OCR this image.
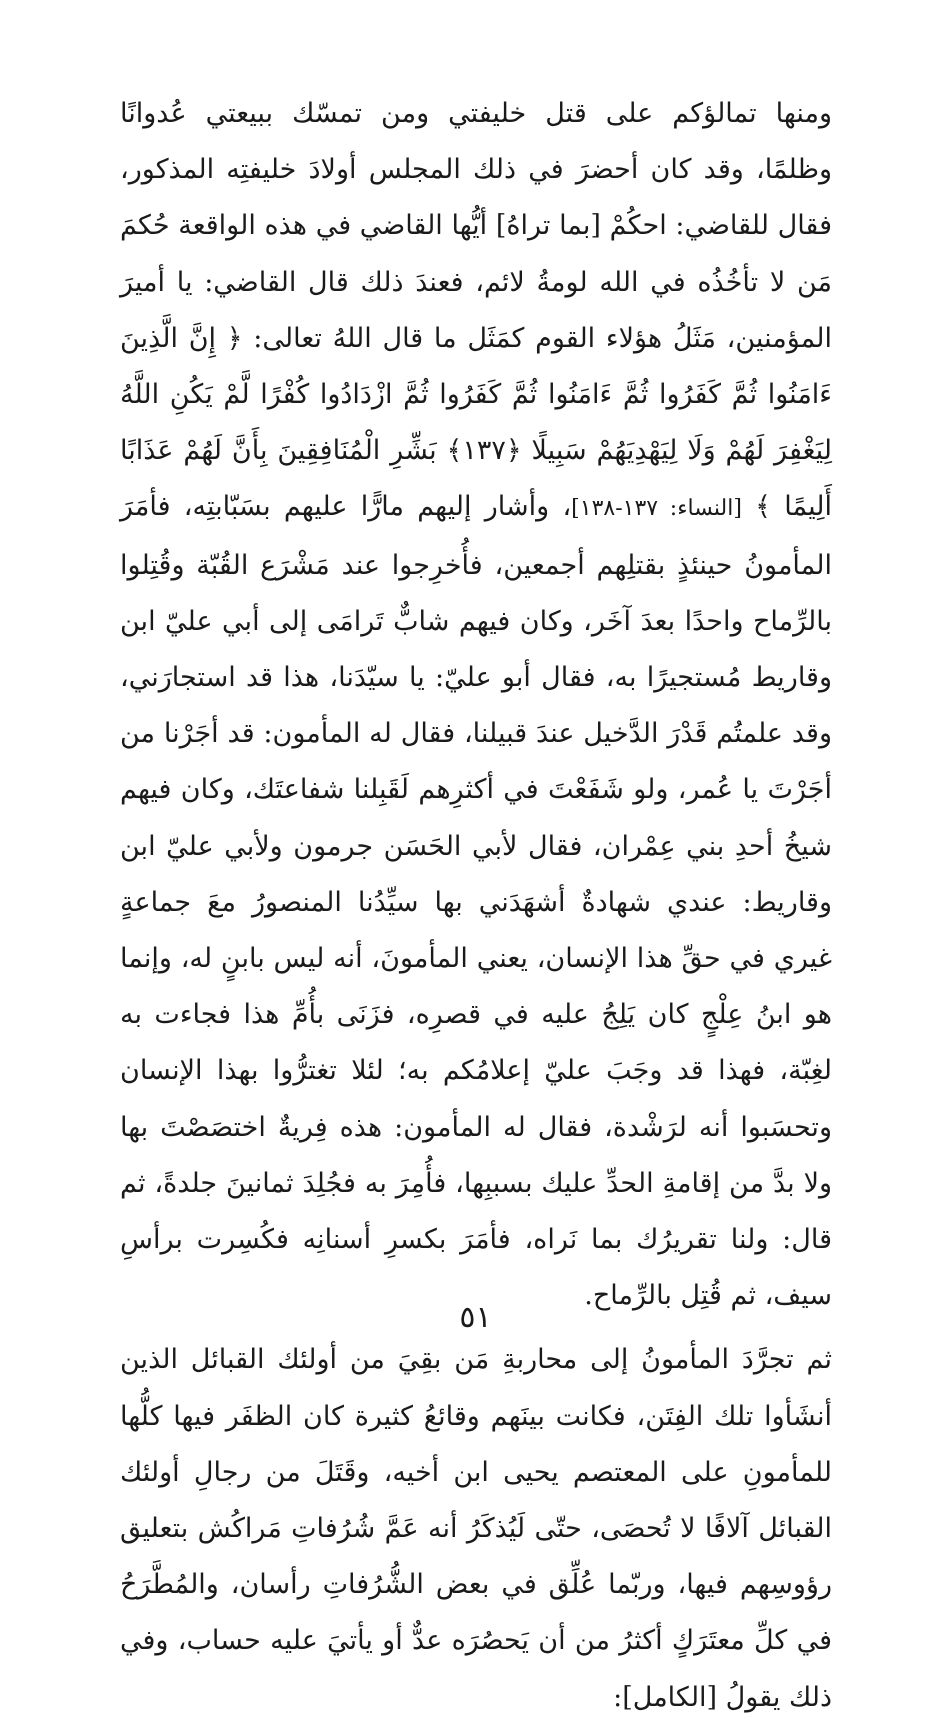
ومنها تمالؤكم على قتل خليفتي ومن تمسّك ببيعتي عُدوانًا وظلمًا، وقد كان أحضرَ في ذلك المجلس أولادَ خليفتِه المذكور، فقال للقاضي: احكُمْ [بما تراهُ] أيُّها القاضي في هذه الواقعة حُكمَ مَن لا تأخُذُه في الله لومةُ لائم، فعندَ ذلك قال القاضي: يا أميرَ المؤمنين، مَثَلُ هؤلاء القوم كمَثَل ما قال اللهُ تعالى: ﴿ إِنَّ الَّذِينَ ءَامَنُوا ثُمَّ كَفَرُوا ثُمَّ ءَامَنُوا ثُمَّ كَفَرُوا ثُمَّ ازْدَادُوا كُفْرًا لَّمْ يَكُنِ اللَّهُ لِيَغْفِرَ لَهُمْ وَلَا لِيَهْدِيَهُمْ سَبِيلًا ﴿١٣٧﴾ بَشِّرِ الْمُنَافِقِينَ بِأَنَّ لَهُمْ عَذَابًا أَلِيمًا ﴾ [النساء: ١٣٧-١٣٨]، وأشار إليهم مارًّا عليهم بسَبّابتِه، فأمَرَ المأمونُ حينئذٍ بقتلِهم أجمعين، فأُخرِجوا عند مَشْرَع القُبّة وقُتِلوا بالرِّماح واحدًا بعدَ آخَر، وكان فيهم شابٌّ تَرامَى إلى أبي عليّ ابن وقاريط مُستجيرًا به، فقال أبو عليّ: يا سيّدَنا، هذا قد استجارَني، وقد علمتُم قَدْرَ الدَّخيل عندَ قبيلنا، فقال له المأمون: قد أجَرْنا من أجَرْتَ يا عُمر، ولو شَفَعْتَ في أكثرِهم لَقَبِلنا شفاعتَك، وكان فيهم شيخُ أحدِ بني عِمْران، فقال لأبي الحَسَن جرمون ولأبي عليّ ابن وقاريط: عندي شهادةٌ أشهَدَني بها سيِّدُنا المنصورُ معَ جماعةٍ غيري في حقِّ هذا الإنسان، يعني المأمونَ، أنه ليس بابنٍ له، وإنما هو ابنُ عِلْجٍ كان يَلِجُ عليه في قصرِه، فزَنَى بأُمِّ هذا فجاءت به لغِبّة، فهذا قد وجَبَ عليّ إعلامُكم به؛ لئلا تغترُّوا بهذا الإنسان وتحسَبوا أنه لرَشْدة، فقال له المأمون: هذه فِريةٌ اختصَصْتَ بها ولا بدَّ من إقامةِ الحدِّ عليك بسببِها، فأُمِرَ به فجُلِدَ ثمانينَ جلدةً، ثم قال: ولنا تقريرُك بما نَراه، فأمَرَ بكسرِ أسنانِه فكُسِرت برأسِ سيف، ثم قُتِل بالرِّماح.

ثم تجرَّدَ المأمونُ إلى محاربةِ مَن بقِيَ من أولئك القبائل الذين أنشَأوا تلك الفِتَن، فكانت بينَهم وقائعُ كثيرة كان الظفَر فيها كلُّها للمأمونِ على المعتصم يحيى ابن أخيه، وقَتَلَ من رجالِ أولئك القبائل آلافًا لا تُحصَى، حتّى لَيُذكَرُ أنه عَمَّ شُرُفاتِ مَراكُش بتعليق رؤوسِهم فيها، وربّما عُلِّق في بعض الشُّرُفاتِ رأسان، والمُطَّرَحُ في كلِّ معتَرَكٍ أكثرُ من أن يَحصُرَه عدٌّ أو يأتيَ عليه حساب، وفي ذلك يقولُ [الكامل]:

٥١
